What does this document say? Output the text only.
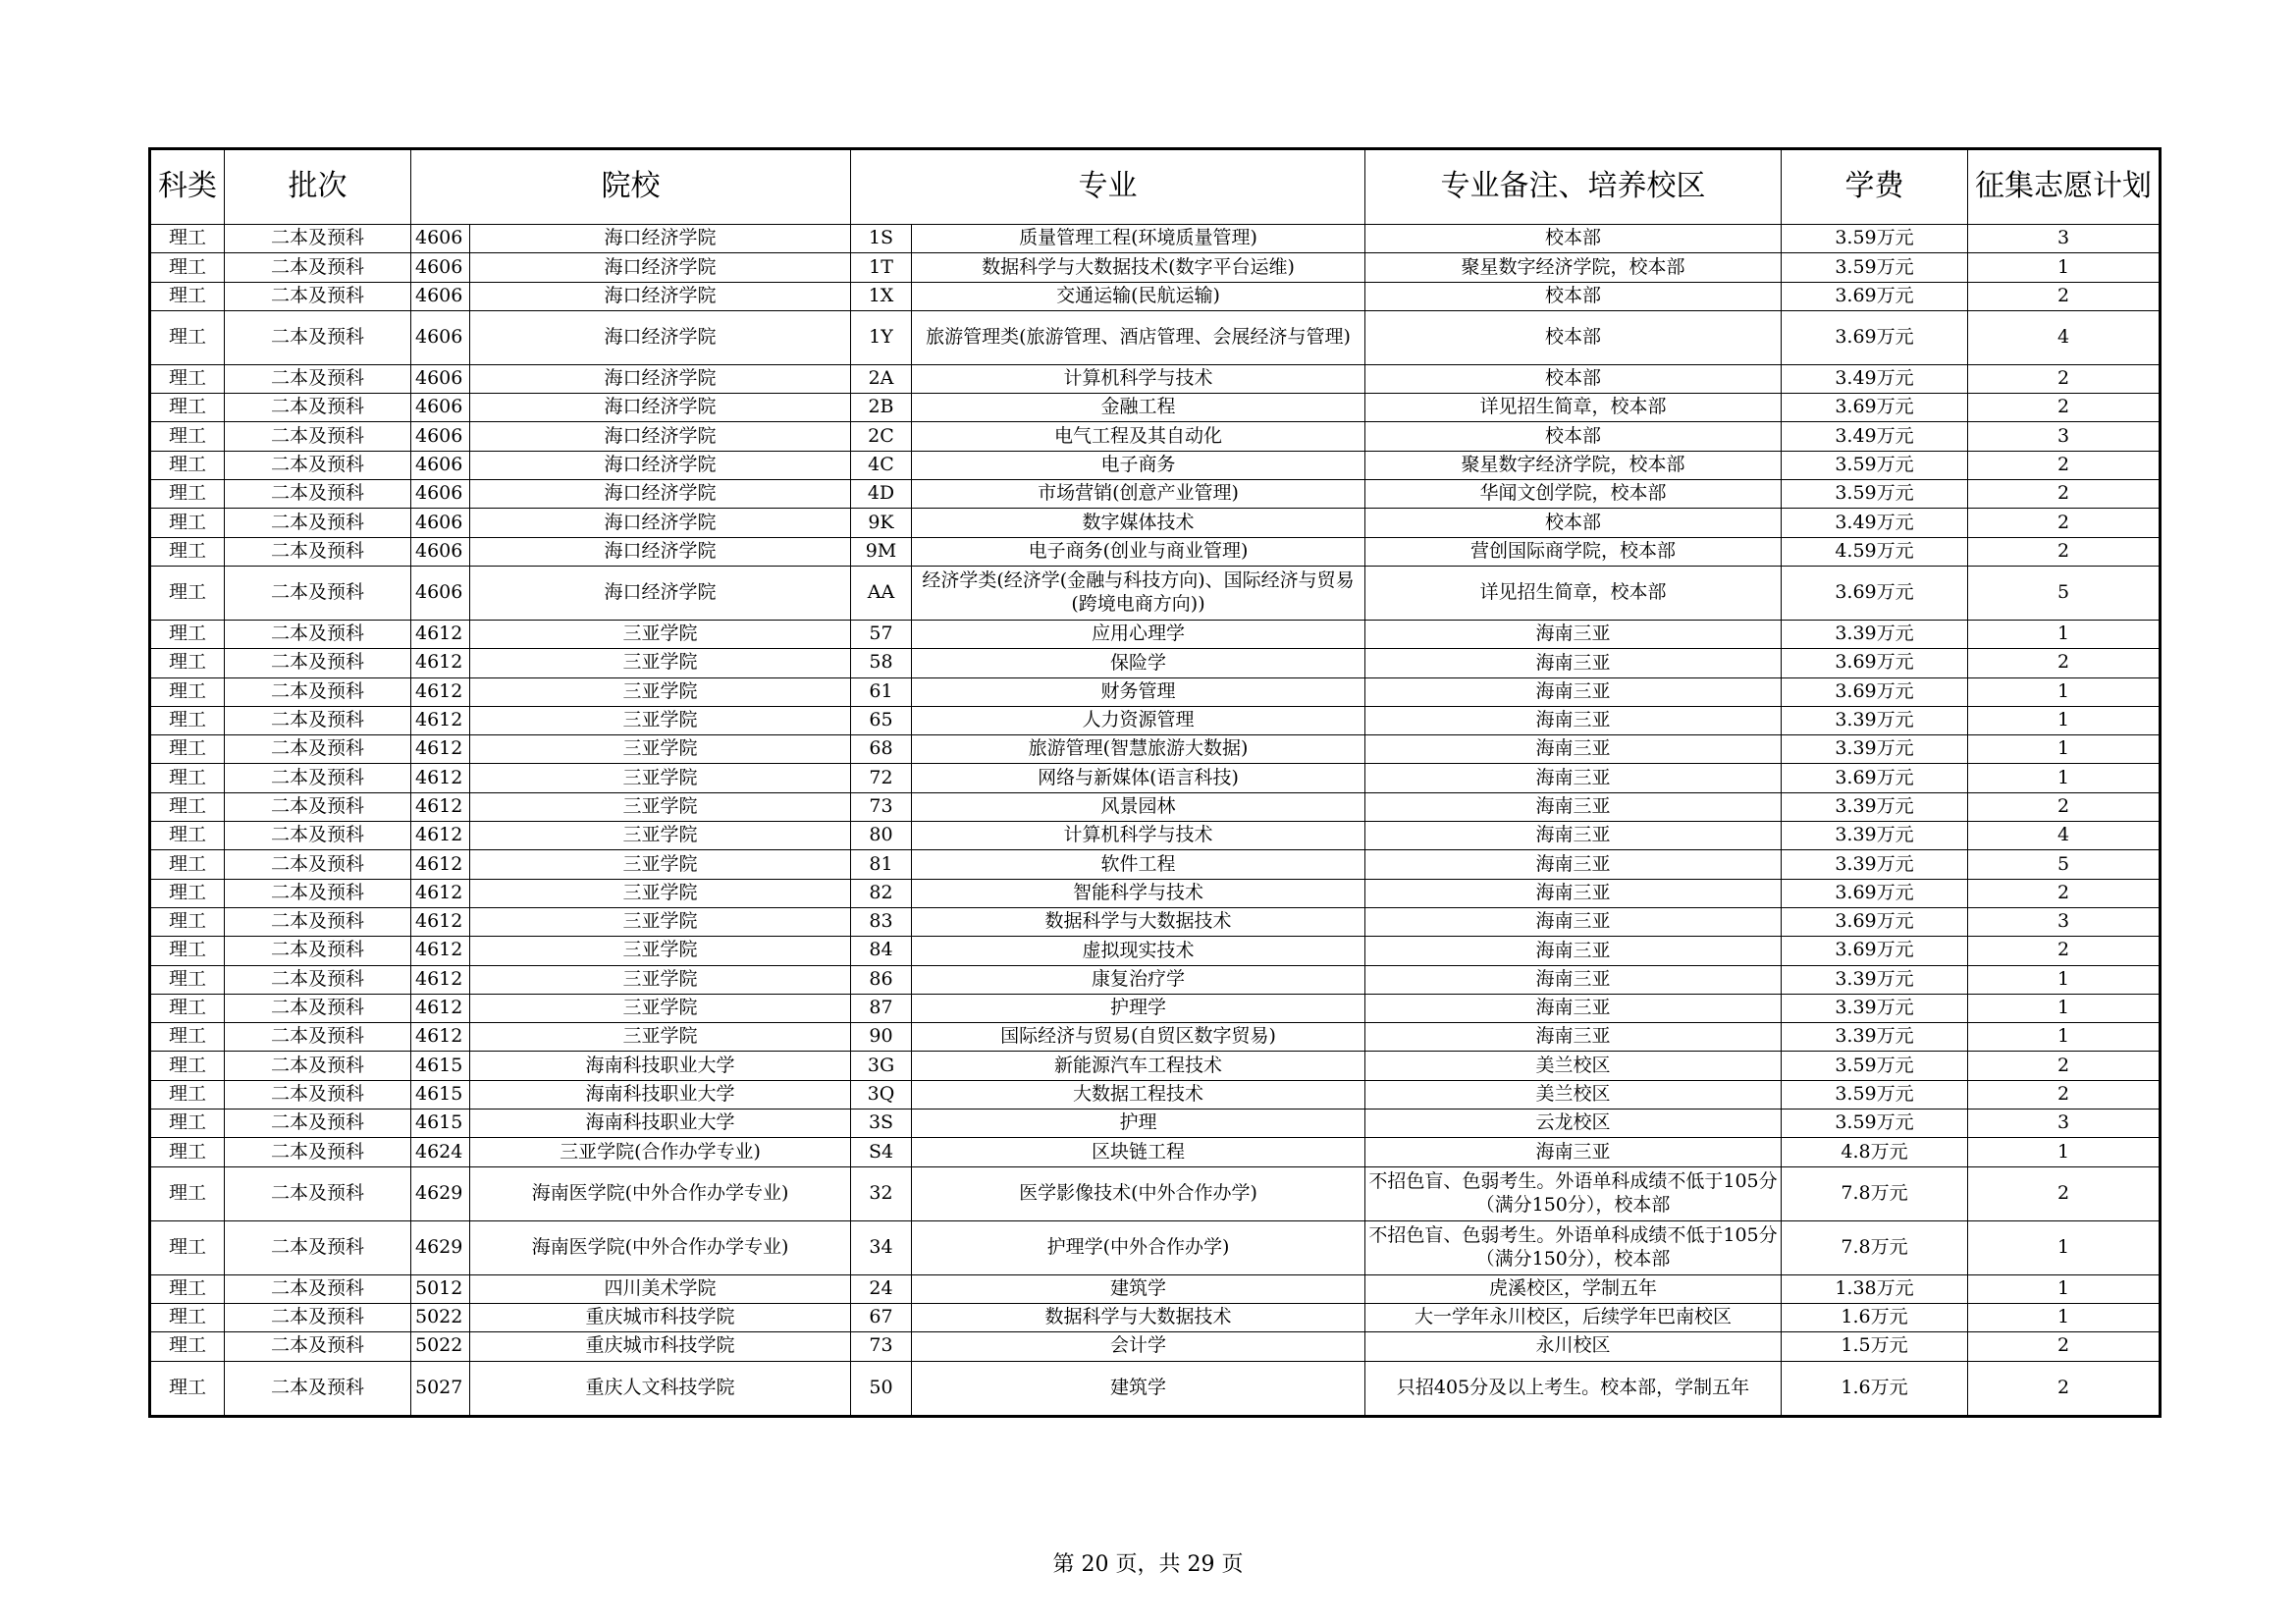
科类	批次	院校		专业		专业备注、培养校区	学费	征集志愿计划
理工	二本及预科	4606	海口经济学院	1S	质量管理工程(环境质量管理)	校本部	3.59万元	3
理工	二本及预科	4606	海口经济学院	1T	数据科学与大数据技术(数字平台运维)	聚星数字经济学院，校本部	3.59万元	1
理工	二本及预科	4606	海口经济学院	1X	交通运输(民航运输)	校本部	3.69万元	2
理工	二本及预科	4606	海口经济学院	1Y	旅游管理类(旅游管理、酒店管理、会展经济与管理)	校本部	3.69万元	4
理工	二本及预科	4606	海口经济学院	2A	计算机科学与技术	校本部	3.49万元	2
理工	二本及预科	4606	海口经济学院	2B	金融工程	详见招生简章，校本部	3.69万元	2
理工	二本及预科	4606	海口经济学院	2C	电气工程及其自动化	校本部	3.49万元	3
理工	二本及预科	4606	海口经济学院	4C	电子商务	聚星数字经济学院，校本部	3.59万元	2
理工	二本及预科	4606	海口经济学院	4D	市场营销(创意产业管理)	华闻文创学院，校本部	3.59万元	2
理工	二本及预科	4606	海口经济学院	9K	数字媒体技术	校本部	3.49万元	2
理工	二本及预科	4606	海口经济学院	9M	电子商务(创业与商业管理)	营创国际商学院，校本部	4.59万元	2
理工	二本及预科	4606	海口经济学院	AA	经济学类(经济学(金融与科技方向)、国际经济与贸易(跨境电商方向))	详见招生简章，校本部	3.69万元	5
理工	二本及预科	4612	三亚学院	57	应用心理学	海南三亚	3.39万元	1
理工	二本及预科	4612	三亚学院	58	保险学	海南三亚	3.69万元	2
理工	二本及预科	4612	三亚学院	61	财务管理	海南三亚	3.69万元	1
理工	二本及预科	4612	三亚学院	65	人力资源管理	海南三亚	3.39万元	1
理工	二本及预科	4612	三亚学院	68	旅游管理(智慧旅游大数据)	海南三亚	3.39万元	1
理工	二本及预科	4612	三亚学院	72	网络与新媒体(语言科技)	海南三亚	3.69万元	1
理工	二本及预科	4612	三亚学院	73	风景园林	海南三亚	3.39万元	2
理工	二本及预科	4612	三亚学院	80	计算机科学与技术	海南三亚	3.39万元	4
理工	二本及预科	4612	三亚学院	81	软件工程	海南三亚	3.39万元	5
理工	二本及预科	4612	三亚学院	82	智能科学与技术	海南三亚	3.69万元	2
理工	二本及预科	4612	三亚学院	83	数据科学与大数据技术	海南三亚	3.69万元	3
理工	二本及预科	4612	三亚学院	84	虚拟现实技术	海南三亚	3.69万元	2
理工	二本及预科	4612	三亚学院	86	康复治疗学	海南三亚	3.39万元	1
理工	二本及预科	4612	三亚学院	87	护理学	海南三亚	3.39万元	1
理工	二本及预科	4612	三亚学院	90	国际经济与贸易(自贸区数字贸易)	海南三亚	3.39万元	1
理工	二本及预科	4615	海南科技职业大学	3G	新能源汽车工程技术	美兰校区	3.59万元	2
理工	二本及预科	4615	海南科技职业大学	3Q	大数据工程技术	美兰校区	3.59万元	2
理工	二本及预科	4615	海南科技职业大学	3S	护理	云龙校区	3.59万元	3
理工	二本及预科	4624	三亚学院(合作办学专业)	S4	区块链工程	海南三亚	4.8万元	1
理工	二本及预科	4629	海南医学院(中外合作办学专业)	32	医学影像技术(中外合作办学)	不招色盲、色弱考生。外语单科成绩不低于105分（满分150分），校本部	7.8万元	2
理工	二本及预科	4629	海南医学院(中外合作办学专业)	34	护理学(中外合作办学)	不招色盲、色弱考生。外语单科成绩不低于105分（满分150分），校本部	7.8万元	1
理工	二本及预科	5012	四川美术学院	24	建筑学	虎溪校区，学制五年	1.38万元	1
理工	二本及预科	5022	重庆城市科技学院	67	数据科学与大数据技术	大一学年永川校区，后续学年巴南校区	1.6万元	1
理工	二本及预科	5022	重庆城市科技学院	73	会计学	永川校区	1.5万元	2
理工	二本及预科	5027	重庆人文科技学院	50	建筑学	只招405分及以上考生。校本部，学制五年	1.6万元	2
第 20 页，共 29 页
